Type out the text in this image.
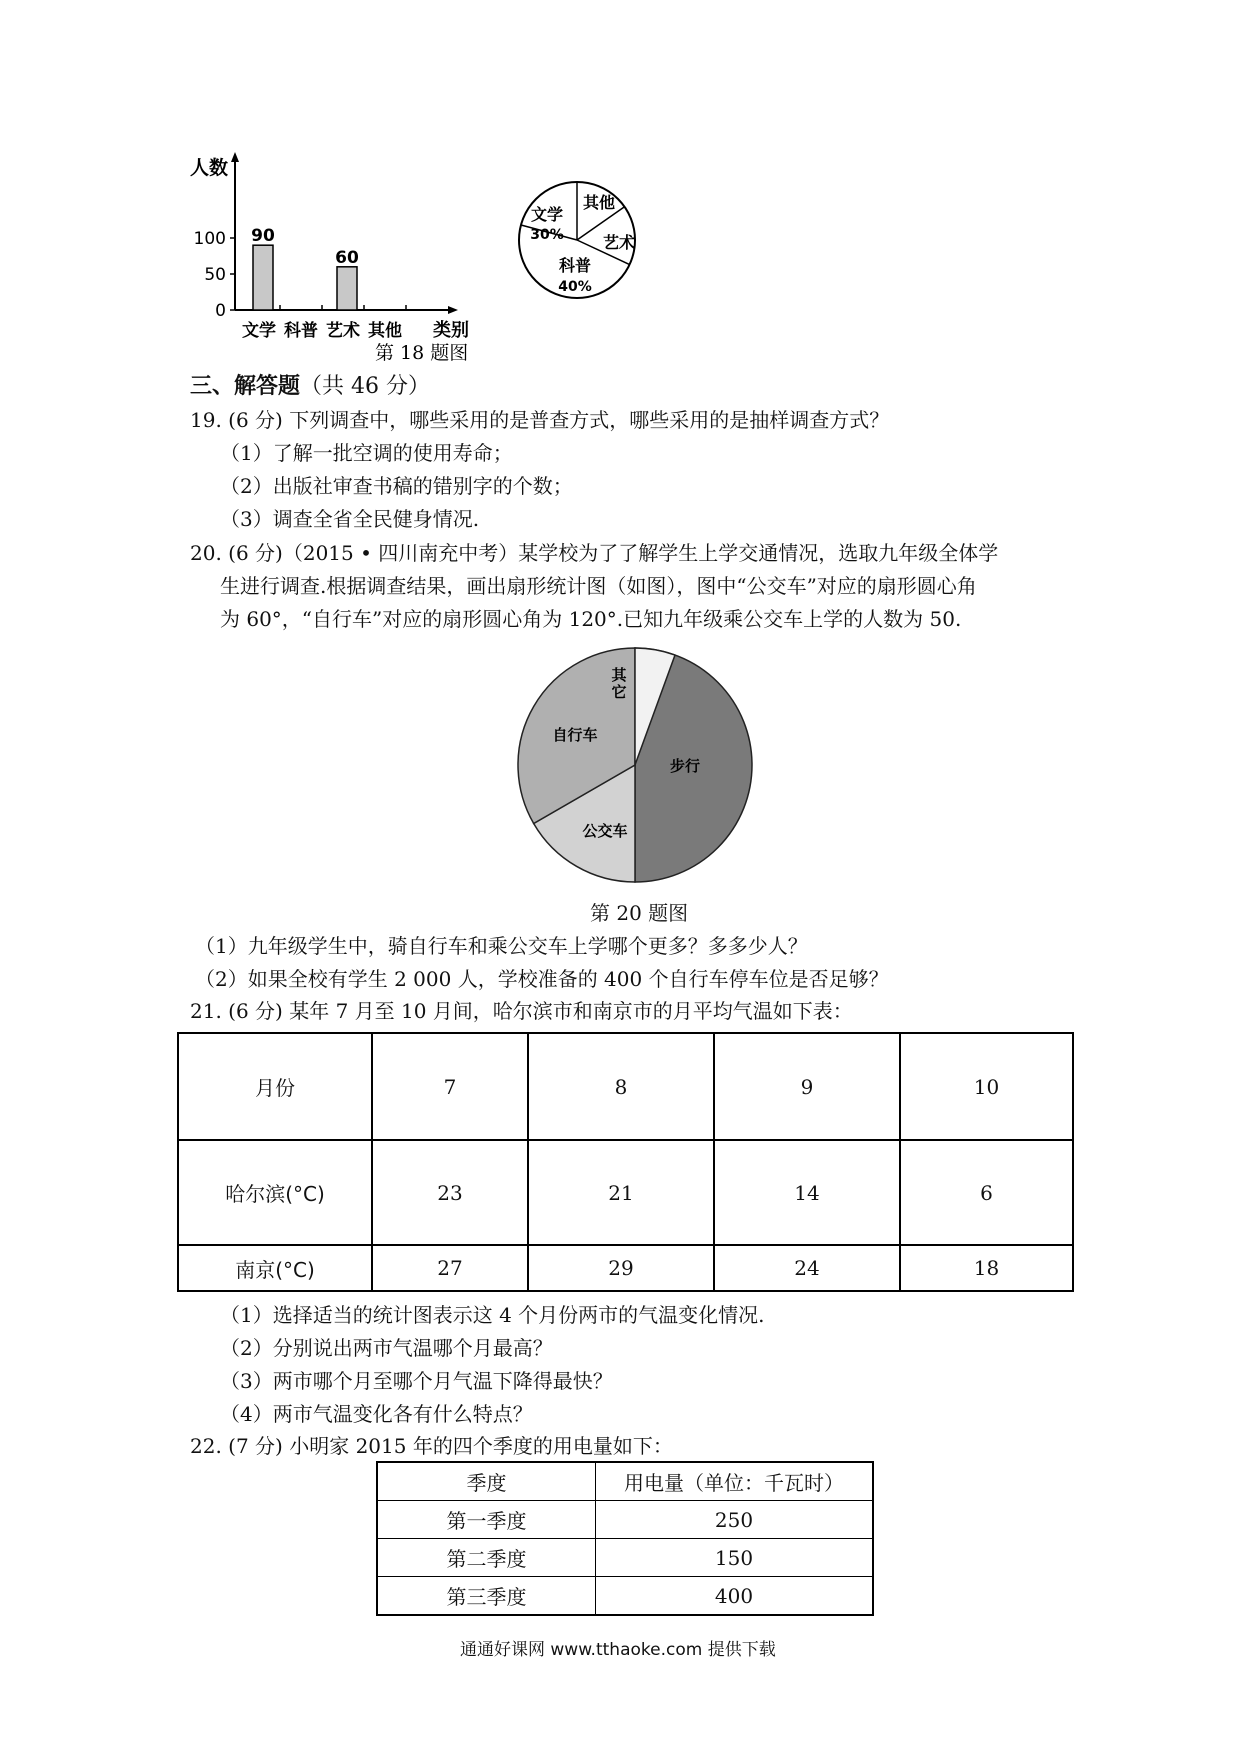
人数
0
50
100
文学
90
科普 艺术
60
其他 类别
文学
30%
其他
艺术
科普
40%
第 18 题图
三、解答题（共 46 分）
19. (6 分) 下列调查中，哪些采用的是普查方式，哪些采用的是抽样调查方式？
（1）了解一批空调的使用寿命；
（2）出版社审查书稿的错别字的个数；
（3）调查全省全民健身情况.
20. (6 分)（2015 • 四川南充中考）某学校为了了解学生上学交通情况，选取九年级全体学
生进行调查.根据调查结果，画出扇形统计图（如图），图中“公交车”对应的扇形圆心角
为 60°，“自行车”对应的扇形圆心角为 120°.已知九年级乘公交车上学的人数为 50.
步行
公交车
自行车
其它
第 20 题图
（1）九年级学生中，骑自行车和乘公交车上学哪个更多？多多少人？
（2）如果全校有学生 2 000 人，学校准备的 400 个自行车停车位是否足够？
21. (6 分) 某年 7 月至 10 月间，哈尔滨市和南京市的月平均气温如下表：
月份	7	8	9	10
哈尔滨(°C)	23	21	14	6
南京(°C)	27	29	24	18
（1）选择适当的统计图表示这 4 个月份两市的气温变化情况.
（2）分别说出两市气温哪个月最高？
（3）两市哪个月至哪个月气温下降得最快？
（4）两市气温变化各有什么特点？
22. (7 分) 小明家 2015 年的四个季度的用电量如下：
季度	用电量（单位：千瓦时）
第一季度	250
第二季度	150
第三季度	400
通通好课网 www.tthaoke.com 提供下载
